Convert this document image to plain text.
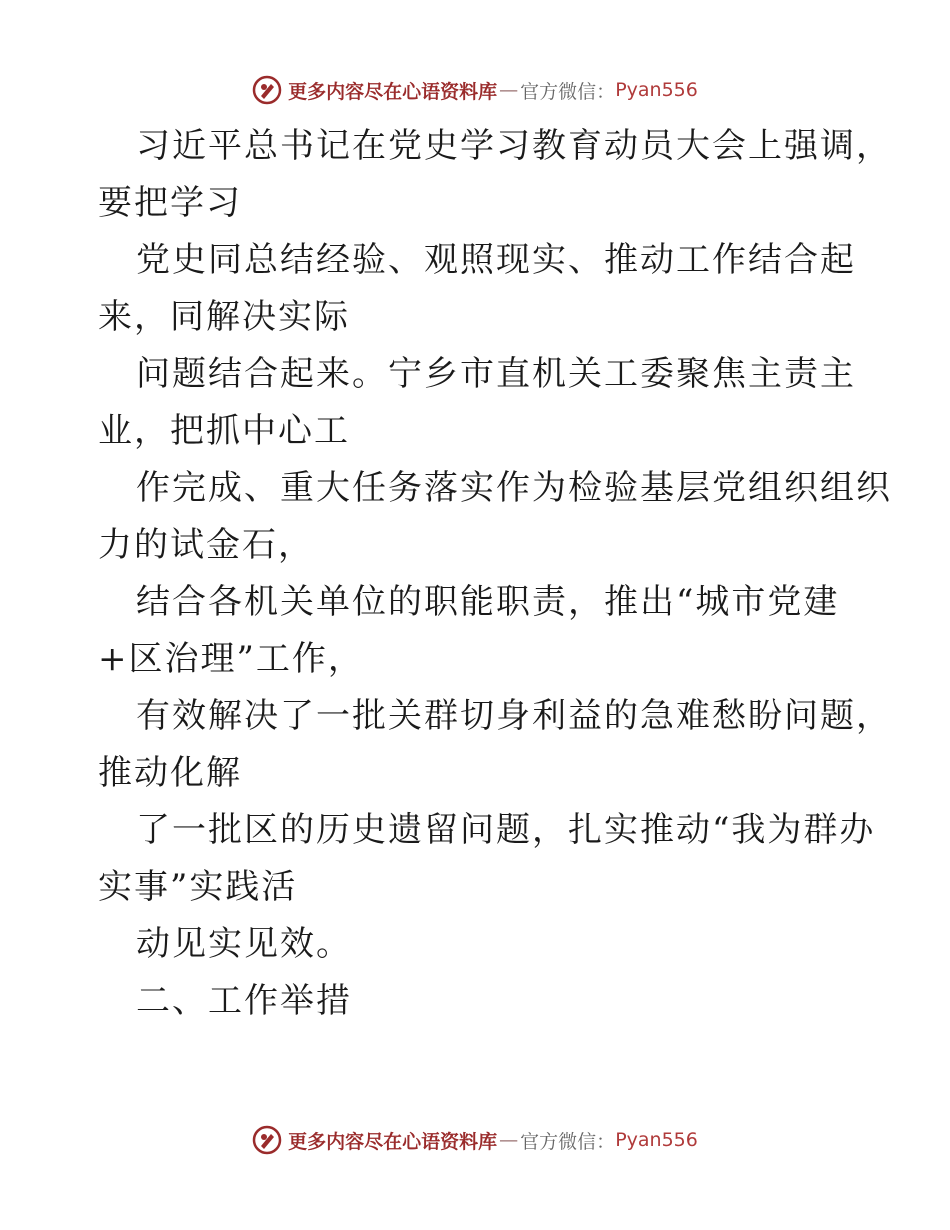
更多内容尽在心语资料库 — 官方微信： Pyan556

习近平总书记在党史学习教育动员大会上强调，
要把学习

党史同总结经验、观照现实、推动工作结合起
来，同解决实际

问题结合起来。宁乡市直机关工委聚焦主责主
业，把抓中心工

作完成、重大任务落实作为检验基层党组织组织
力的试金石，

结合各机关单位的职能职责，推出“城市党建
+区治理”工作，

有效解决了一批关群切身利益的急难愁盼问题，
推动化解

了一批区的历史遗留问题，扎实推动“我为群办
实事”实践活

动见实见效。

二、工作举措

更多内容尽在心语资料库 — 官方微信： Pyan556
